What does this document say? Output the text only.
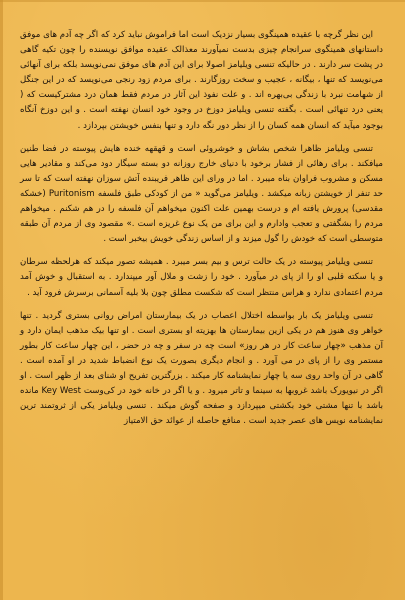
این نظر گرچه با عقیده همینگوی بسیار نزدیک است اما فراموش نباید کرد که اگر چه آدم های موفق داستانهای همینگوی سرانجام چیزی بدست نمیآورند معذالک عقیده موافق نویسنده را چون تکیه گاهی در پشت سر دارند . در حالیکه تنسی ویلیامز اصولا برای این آدم های موفق نمی‌نویسد بلکه برای آنهائی می‌نویسد که تنها ، بیگانه ، عجیب و سخت روزگارند . برای مردم زود رنجی می‌نویسد که در این جنگل از شهامت نبرد با زندگی بی‌بهره اند . و علت نفوذ این آثار در مردم فقط همان درد مشترکیست که ( یعنی درد تنهائی است . بگفته تنسی ویلیامز دوزخ در وجود خود انسان نهفته است . و این دوزخ آنگاه بوجود میآید که انسان همه کسان را از نظر دور نگه دارد و تنها بنفس خویشتن بپردازد .

تنسی ویلیامز ظاهرا شخص بشاش و خوشروئی است و قهقهه خنده هایش پیوسته در فضا طنین میافکند . برای رهائی از فشار برخود با دنیای خارج روزانه دو بسته سیگار دود می‌کند و مقادیر هایی مسکن و مشروب فراوان بناه میبرد . اما در ورای این ظاهر فریبنده آتش سوزان نهفته است که تا سر حد تنفر از خویشتن زبانه میکشد . ویلیامز می‌گوید « من از کودکی طبق فلسفه Puritonism (خشکه مقدسی) پرورش یافته ام و درست بهمین علت اکنون میخواهم آن فلسفه را در هم شکنم . میخواهم مردم را بشگفتی و تعجب وادارم و این برای من یک نوع غریزه است .» مقصود وی از مردم آن طبقه متوسطی است که خودش را گول میزند و از اساس زندگی خویش بیخبر است .

تنسی ویلیامز پیوسته در یک حالت ترس و بیم بسر میبرد . همیشه تصور میکند که هرلحظه سرطان و یا سکته قلبی او را از پای در میآورد . خود را زشت و ملال آور میپندارد . به استقبال و خوش آمد مردم اعتمادی ندارد و هراس منتظر است که شکست مطلق چون بلا بلیه آسمانی برسرش فرود آید .

تنسی ویلیامز یک بار بواسطه اختلال اعصاب در یک بیمارستان امراض روانی بستری گردید . تنها خواهر وی هنوز هم در یکی ازین بیمارستان ها بهزیته او بستری است . او تنها بیک مذهب ایمان دارد و آن مذهب «چهار ساعت کار در هر روز» است چه در سفر و چه در حضر ، این چهار ساعت کار بطور مستمر وی را از پای در می آورد . و انجام دیگری بصورت یک نوع انضباط شدید در او آمده است . گاهی در آن واحد روی سه یا چهار نمایشنامه کار میکند . بزرگترین تفریح او شنای بعد از ظهر است . او اگر در نیویورک باشد غروبها به سینما و تاتر میرود . و یا اگر در خانه خود در کی‌وست Key West مانده باشد با تنها مشتی خود بکشتی میپردازد و صفحه گوش میکند . تنسی ویلیامز یکی از ثروتمند ترین نمایشنامه نویس های عصر جدید است . منافع حاصله از عوائد حق الامتیاز
